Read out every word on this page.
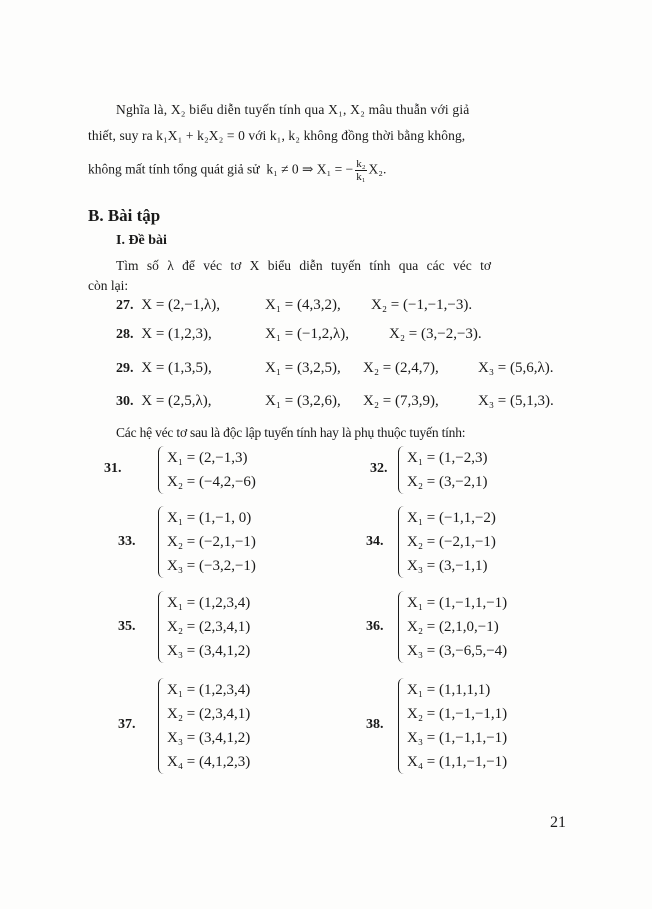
Nghĩa là, X₂ biểu diễn tuyến tính qua X₁, X₂ mâu thuẫn với giả
thiết, suy ra k₁X₁ + k₂X₂ = 0 với k₁, k₂ không đồng thời bằng không,
không mất tính tổng quát giả sử k₁ ≠ 0 ⇒ X₁ = − $\frac{\text{k₂}}{\text{k₁}} X_2$.
B. Bài tập
I. Đề bài
Tìm số λ để véc tơ X biểu diễn tuyến tính qua các véc tơ
còn lại:
27. X = (2,−1,λ),	X₁ = (4,3,2), X₂ = (−1,−1,−3).
28. X = (1,2,3),	X₁ = (−1,2,λ),	X₂ = (3,−2,−3).
29. X = (1,3,5),	X₁ = (3,2,5), X₂ = (2,4,7),	X₃ = (5,6,λ).
30. X = (2,5,λ),	X₁ = (3,2,6), X₂ = (7,3,9),	X₃ = (5,1,3).
Các hệ véc tơ sau là độc lập tuyến tính hay là phụ thuộc tuyến tính:
31.
X₁ = (2,−1,3)
X₂ = (−4,2,−6)
32.
X₁ = (1,−2,3)
X₂ = (3,−2,1)
33.
X₁ = (1,−1, 0)
X₂ = (−2,1,−1)
X₃ = (−3,2,−1)
34.
X₁ = (−1,1,−2)
X₂ = (−2,1,−1)
X₃ = (3,−1,1)
35.
X₁ = (1,2,3,4)
X₂ = (2,3,4,1)
X₃ = (3,4,1,2)
36.
X₁ = (1,−1,1,−1)
X₂ = (2,1,0,−1)
X₃ = (3,−6,5,−4)
37.
X₁ = (1,2,3,4)
X₂ = (2,3,4,1)
X₃ = (3,4,1,2)
X₄ = (4,1,2,3)
38.
X₁ = (1,1,1,1)
X₂ = (1,−1,−1,1)
X₃ = (1,−1,1,−1)
X₄ = (1,1,−1,−1)
21
